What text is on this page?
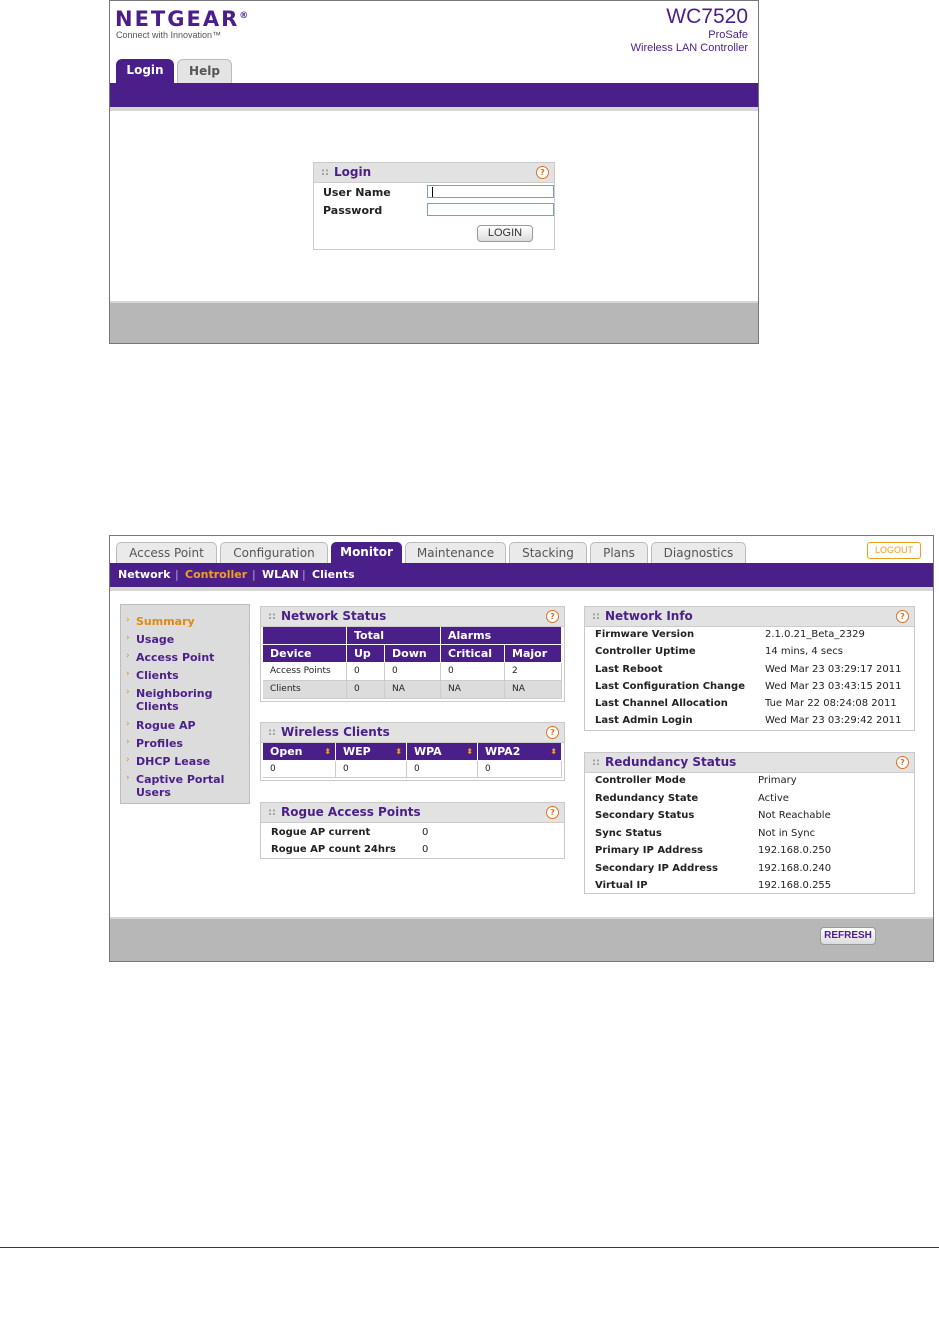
NETGEAR®
Connect with Innovation™
WC7520
ProSafe
Wireless LAN Controller
Login	Help
:: Login	?
User Name
Password
LOGIN
Access Point	Configuration	Monitor	Maintenance	Stacking	Plans	Diagnostics	LOGOUT
Network | Controller | WLAN | Clients
› Summary
› Usage
› Access Point
› Clients
› Neighboring Clients
› Rogue AP
› Profiles
› DHCP Lease
› Captive Portal Users
:: Network Status	?
Total	Alarms
Device	Up	Down	Critical	Major
Access Points	0	0	0	2
Clients	0	NA	NA	NA
:: Wireless Clients	?
Open	⬍	WEP	⬍	WPA	⬍	WPA2	⬍
0	0	0	0
:: Rogue Access Points	?
Rogue AP current	0
Rogue AP count 24hrs	0
:: Network Info	?
Firmware Version	2.1.0.21_Beta_2329
Controller Uptime	14 mins, 4 secs
Last Reboot	Wed Mar 23 03:29:17 2011
Last Configuration Change Wed Mar 23 03:43:15 2011
Last Channel Allocation	Tue Mar 22 08:24:08 2011
Last Admin Login	Wed Mar 23 03:29:42 2011
:: Redundancy Status	?
Controller Mode	Primary
Redundancy State	Active
Secondary Status	Not Reachable
Sync Status	Not in Sync
Primary IP Address	192.168.0.250
Secondary IP Address	192.168.0.240
Virtual IP	192.168.0.255
REFRESH
